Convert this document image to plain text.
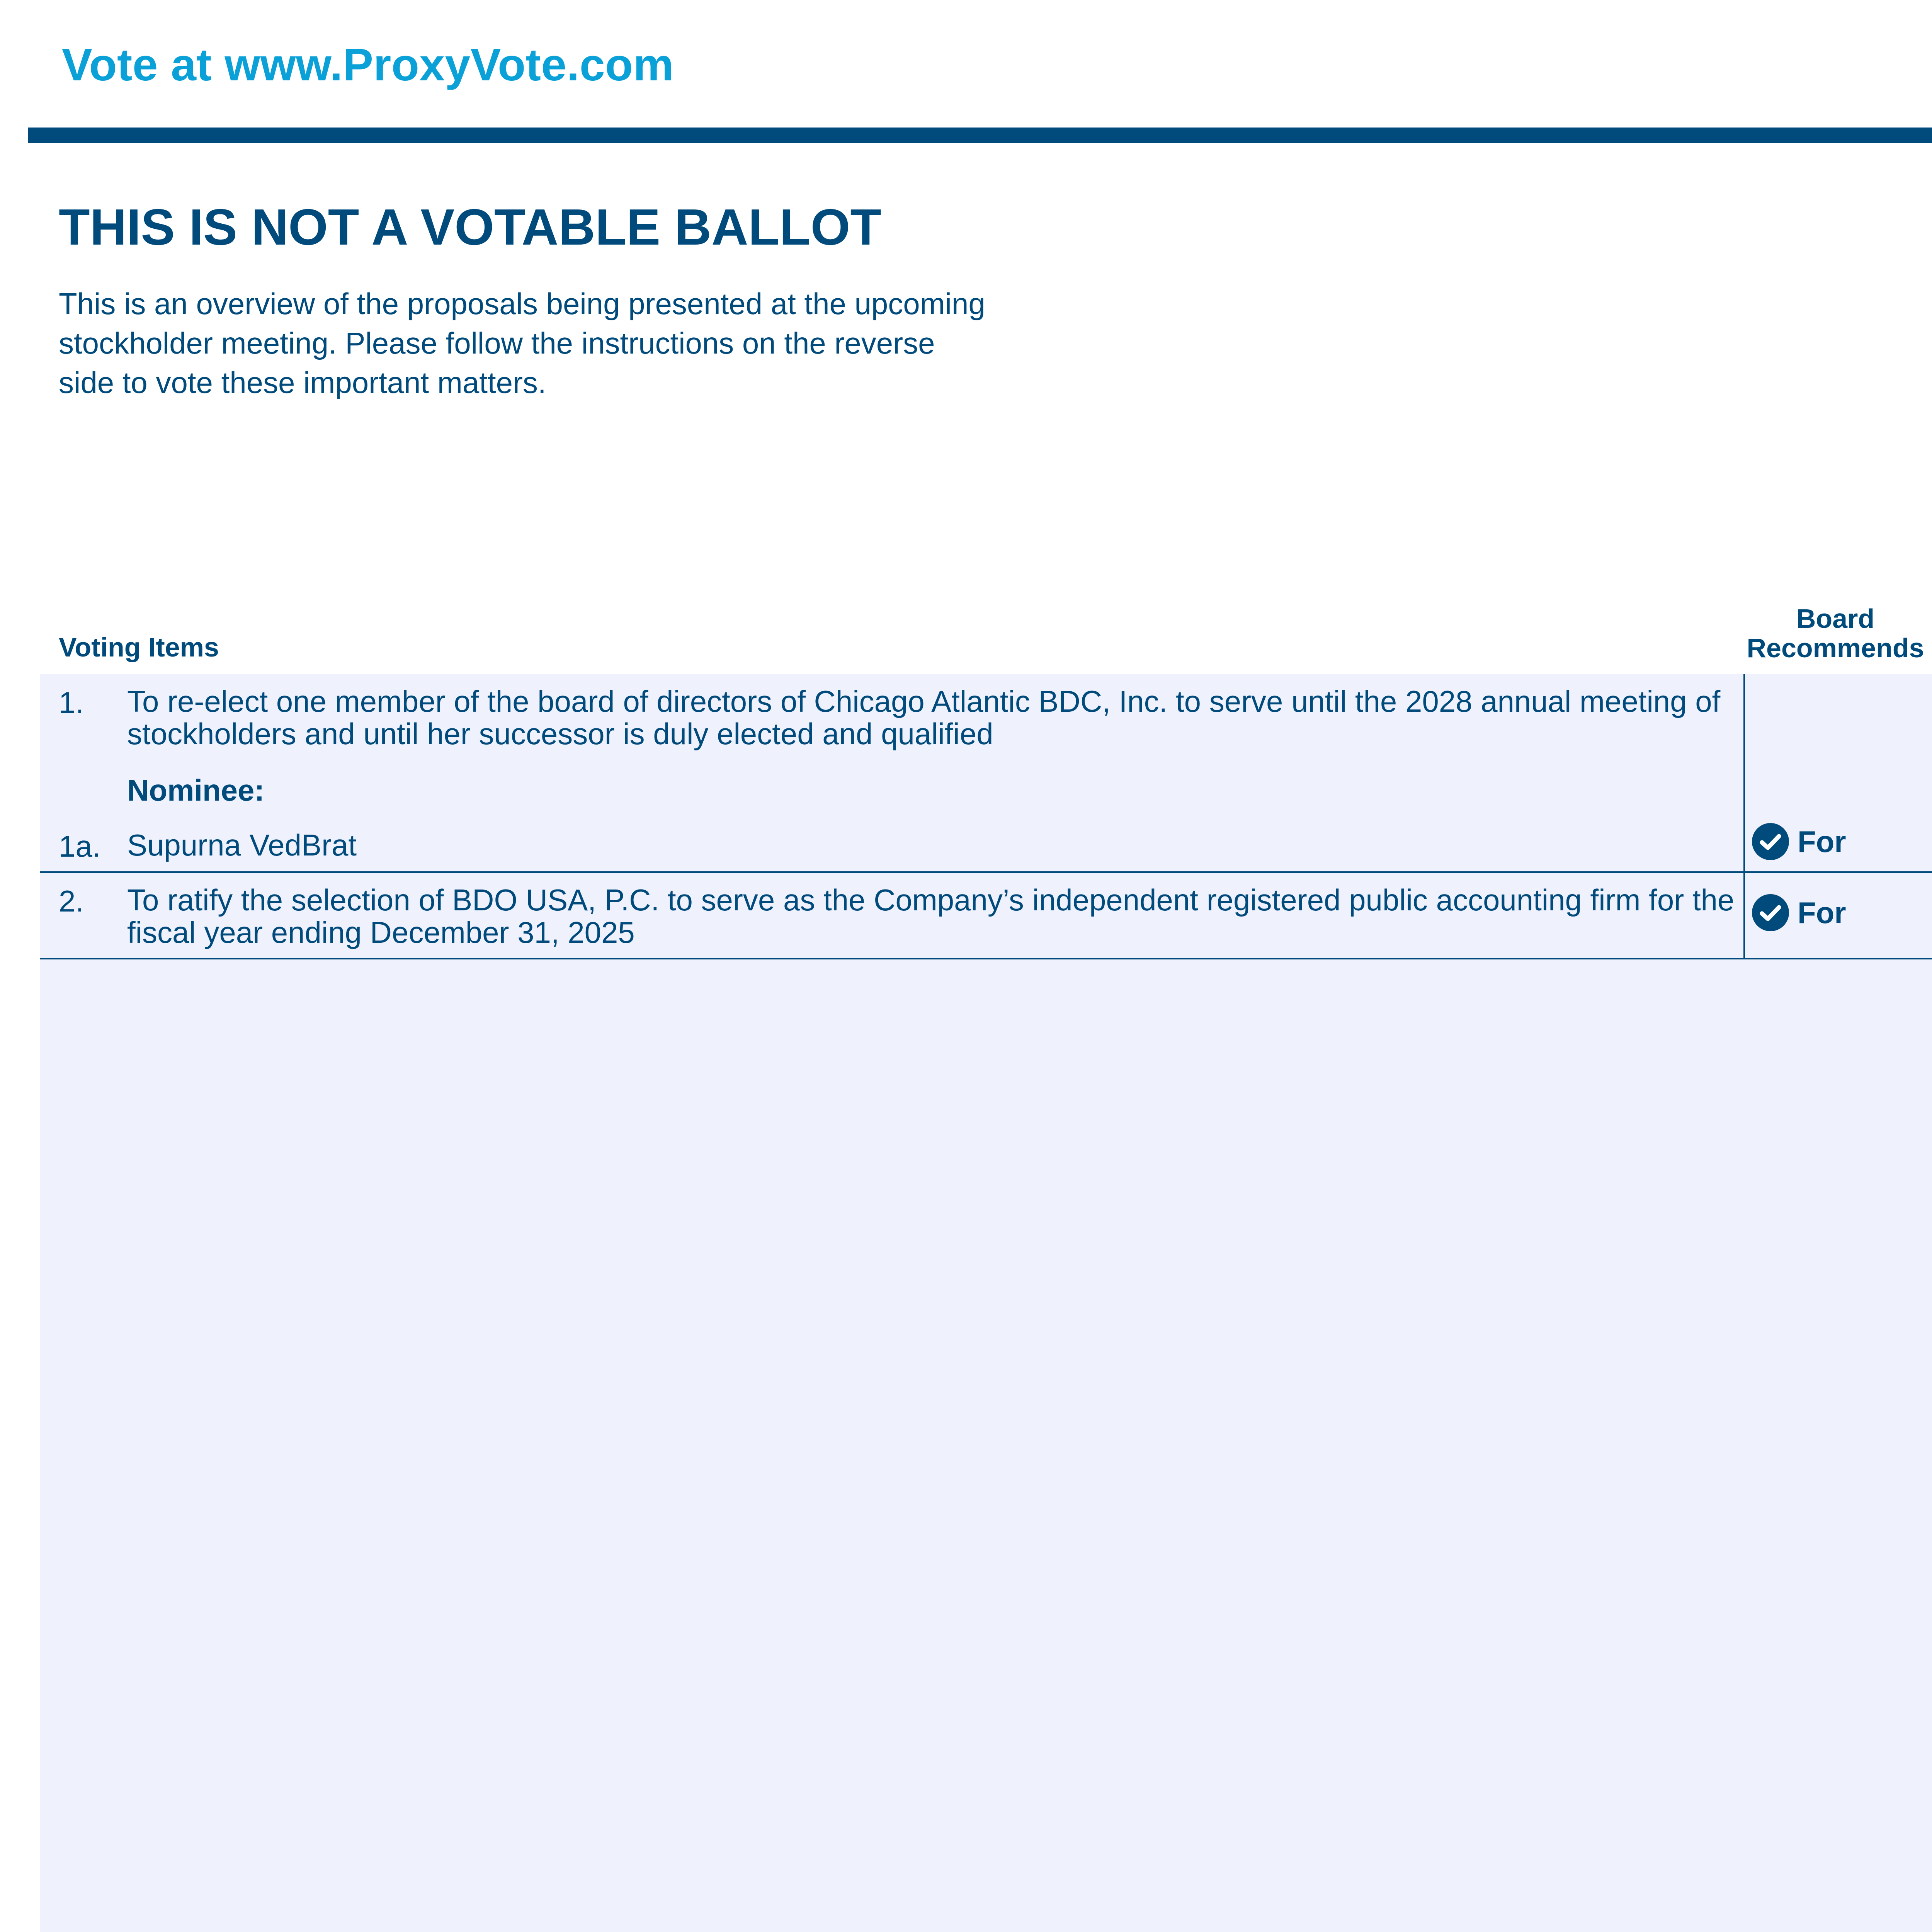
Vote at www.ProxyVote.com
THIS IS NOT A VOTABLE BALLOT
This is an overview of the proposals being presented at the upcoming stockholder meeting. Please follow the instructions on the reverse side to vote these important matters.
Voting Items
Board Recommends
1. To re-elect one member of the board of directors of Chicago Atlantic BDC, Inc. to serve until the 2028 annual meeting of stockholders and until her successor is duly elected and qualified
Nominee:
1a. Supurna VedBrat	For
2. To ratify the selection of BDO USA, P.C. to serve as the Company’s independent registered public accounting firm for the fiscal year ending December 31, 2025
For
